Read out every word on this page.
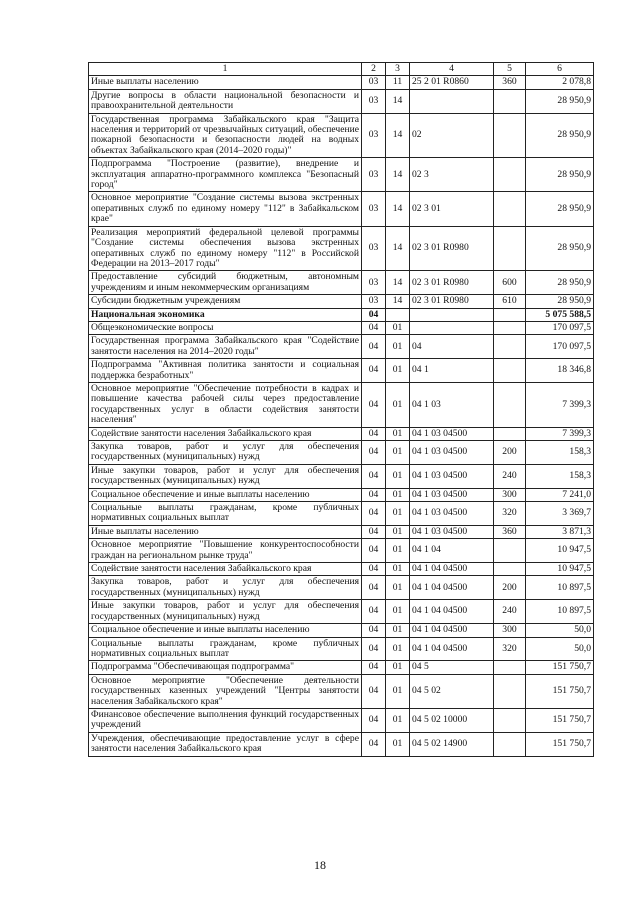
1	2	3	4	5	6
Иные выплаты населению	03	11	25 2 01 R0860	360	2 078,8
Другие вопросы в области национальной безопасности и правоохранительной деятельности	03	14			28 950,9
Государственная программа Забайкальского края "Защита населения и территорий от чрезвычайных ситуаций, обеспечение пожарной безопасности и безопасности людей на водных объектах Забайкальского края (2014–2020 годы)"	03	14	02		28 950,9
Подпрограмма "Построение (развитие), внедрение и эксплуатация аппаратно-программного комплекса "Безопасный город"	03	14	02 3		28 950,9
Основное мероприятие "Создание системы вызова экстренных оперативных служб по единому номеру "112" в Забайкальском крае"	03	14	02 3 01		28 950,9
Реализация мероприятий федеральной целевой программы "Создание системы обеспечения вызова экстренных оперативных служб по единому номеру "112" в Российской Федерации на 2013–2017 годы"	03	14	02 3 01 R0980		28 950,9
Предоставление субсидий бюджетным, автономным учреждениям и иным некоммерческим организациям	03	14	02 3 01 R0980	600	28 950,9
Субсидии бюджетным учреждениям	03	14	02 3 01 R0980	610	28 950,9
Национальная экономика	04				5 075 588,5
Общеэкономические вопросы	04	01			170 097,5
Государственная программа Забайкальского края "Содействие занятости населения на 2014–2020 годы"	04	01	04		170 097,5
Подпрограмма "Активная политика занятости и социальная поддержка безработных"	04	01	04 1		18 346,8
Основное мероприятие "Обеспечение потребности в кадрах и повышение качества рабочей силы через предоставление государственных услуг в области содействия занятости населения"	04	01	04 1 03		7 399,3
Содействие занятости населения Забайкальского края	04	01	04 1 03 04500		7 399,3
Закупка товаров, работ и услуг для обеспечения государственных (муниципальных) нужд	04	01	04 1 03 04500	200	158,3
Иные закупки товаров, работ и услуг для обеспечения государственных (муниципальных) нужд	04	01	04 1 03 04500	240	158,3
Социальное обеспечение и иные выплаты населению	04	01	04 1 03 04500	300	7 241,0
Социальные выплаты гражданам, кроме публичных нормативных социальных выплат	04	01	04 1 03 04500	320	3 369,7
Иные выплаты населению	04	01	04 1 03 04500	360	3 871,3
Основное мероприятие "Повышение конкурентоспособности граждан на региональном рынке труда"	04	01	04 1 04		10 947,5
Содействие занятости населения Забайкальского края	04	01	04 1 04 04500		10 947,5
Закупка товаров, работ и услуг для обеспечения государственных (муниципальных) нужд	04	01	04 1 04 04500	200	10 897,5
Иные закупки товаров, работ и услуг для обеспечения государственных (муниципальных) нужд	04	01	04 1 04 04500	240	10 897,5
Социальное обеспечение и иные выплаты населению	04	01	04 1 04 04500	300	50,0
Социальные выплаты гражданам, кроме публичных нормативных социальных выплат	04	01	04 1 04 04500	320	50,0
Подпрограмма "Обеспечивающая подпрограмма"	04	01	04 5		151 750,7
Основное мероприятие "Обеспечение деятельности государственных казенных учреждений "Центры занятости населения Забайкальского края"	04	01	04 5 02		151 750,7
Финансовое обеспечение выполнения функций государственных учреждений	04	01	04 5 02 10000		151 750,7
Учреждения, обеспечивающие предоставление услуг в сфере занятости населения Забайкальского края	04	01	04 5 02 14900		151 750,7
18
